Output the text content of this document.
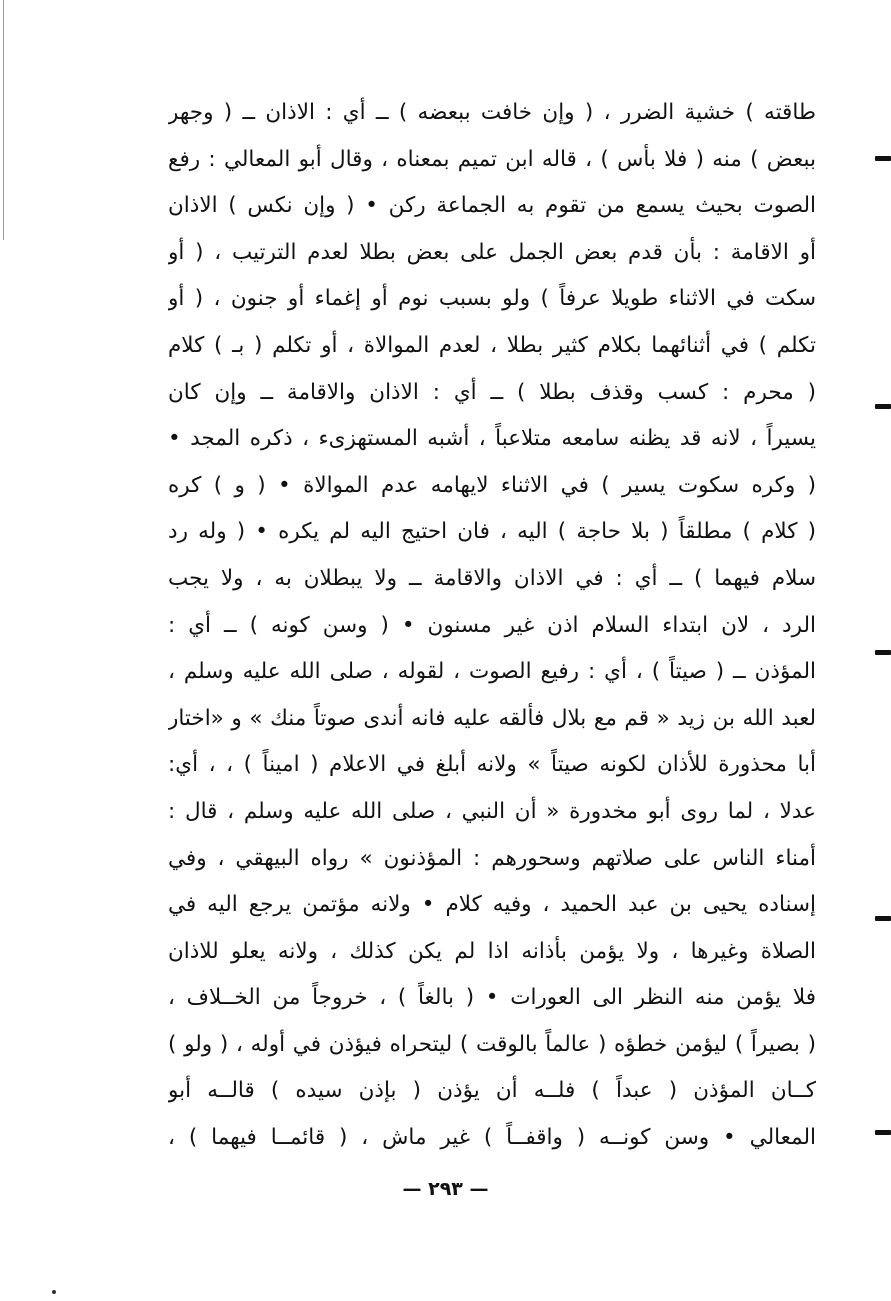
طاقته ) خشية الضرر ، ( وإن خافت ببعضه ) ــ أي : الاذان ــ ( وجهر
ببعض ) منه ( فلا بأس ) ، قاله ابن تميم بمعناه ، وقال أبو المعالي : رفع
الصوت بحيث يسمع من تقوم به الجماعة ركن • ( وإن نكس ) الاذان
أو الاقامة : بأن قدم بعض الجمل على بعض بطلا لعدم الترتيب ، ( أو
سكت في الاثناء طويلا عرفاً ) ولو بسبب نوم أو إغماء أو جنون ، ( أو
تكلم ) في أثنائهما بكلام كثير بطلا ، لعدم الموالاة ، أو تكلم ( بـ ) كلام
( محرم : كسب وقذف بطلا ) ــ أي : الاذان والاقامة ــ وإن كان
يسيراً ، لانه قد يظنه سامعه متلاعباً ، أشبه المستهزىء ، ذكره المجد •
( وكره سكوت يسير ) في الاثناء لايهامه عدم الموالاة • ( و ) كره
( كلام ) مطلقاً ( بلا حاجة ) اليه ، فان احتيج اليه لم يكره • ( وله رد
سلام فيهما ) ــ أي : في الاذان والاقامة ــ ولا يبطلان به ، ولا يجب
الرد ، لان ابتداء السلام اذن غير مسنون • ( وسن كونه ) ــ أي :
المؤذن ــ ( صيتاً ) ، أي : رفيع الصوت ، لقوله ، صلى الله عليه وسلم ،
لعبد الله بن زيد « قم مع بلال فألقه عليه فانه أندى صوتاً منك » و «اختار
أبا محذورة للأذان لكونه صيتاً » ولانه أبلغ في الاعلام ( اميناً ) ، ، أي:
عدلا ، لما روى أبو مخدورة « أن النبي ، صلى الله عليه وسلم ، قال :
أمناء الناس على صلاتهم وسحورهم : المؤذنون » رواه البيهقي ، وفي
إسناده يحيى بن عبد الحميد ، وفيه كلام • ولانه مؤتمن يرجع اليه في
الصلاة وغيرها ، ولا يؤمن بأذانه اذا لم يكن كذلك ، ولانه يعلو للاذان
فلا يؤمن منه النظر الى العورات • ( بالغاً ) ، خروجاً من الخــلاف ،
( بصيراً ) ليؤمن خطؤه ( عالماً بالوقت ) ليتحراه فيؤذن في أوله ، ( ولو )
كــان المؤذن ( عبداً ) فلــه أن يؤذن ( بإذن سيده ) قالــه أبو
المعالي • وسن كونــه ( واقفــاً ) غير ماش ، ( قائمــا فيهما ) ،
— ٢٩٣ —
